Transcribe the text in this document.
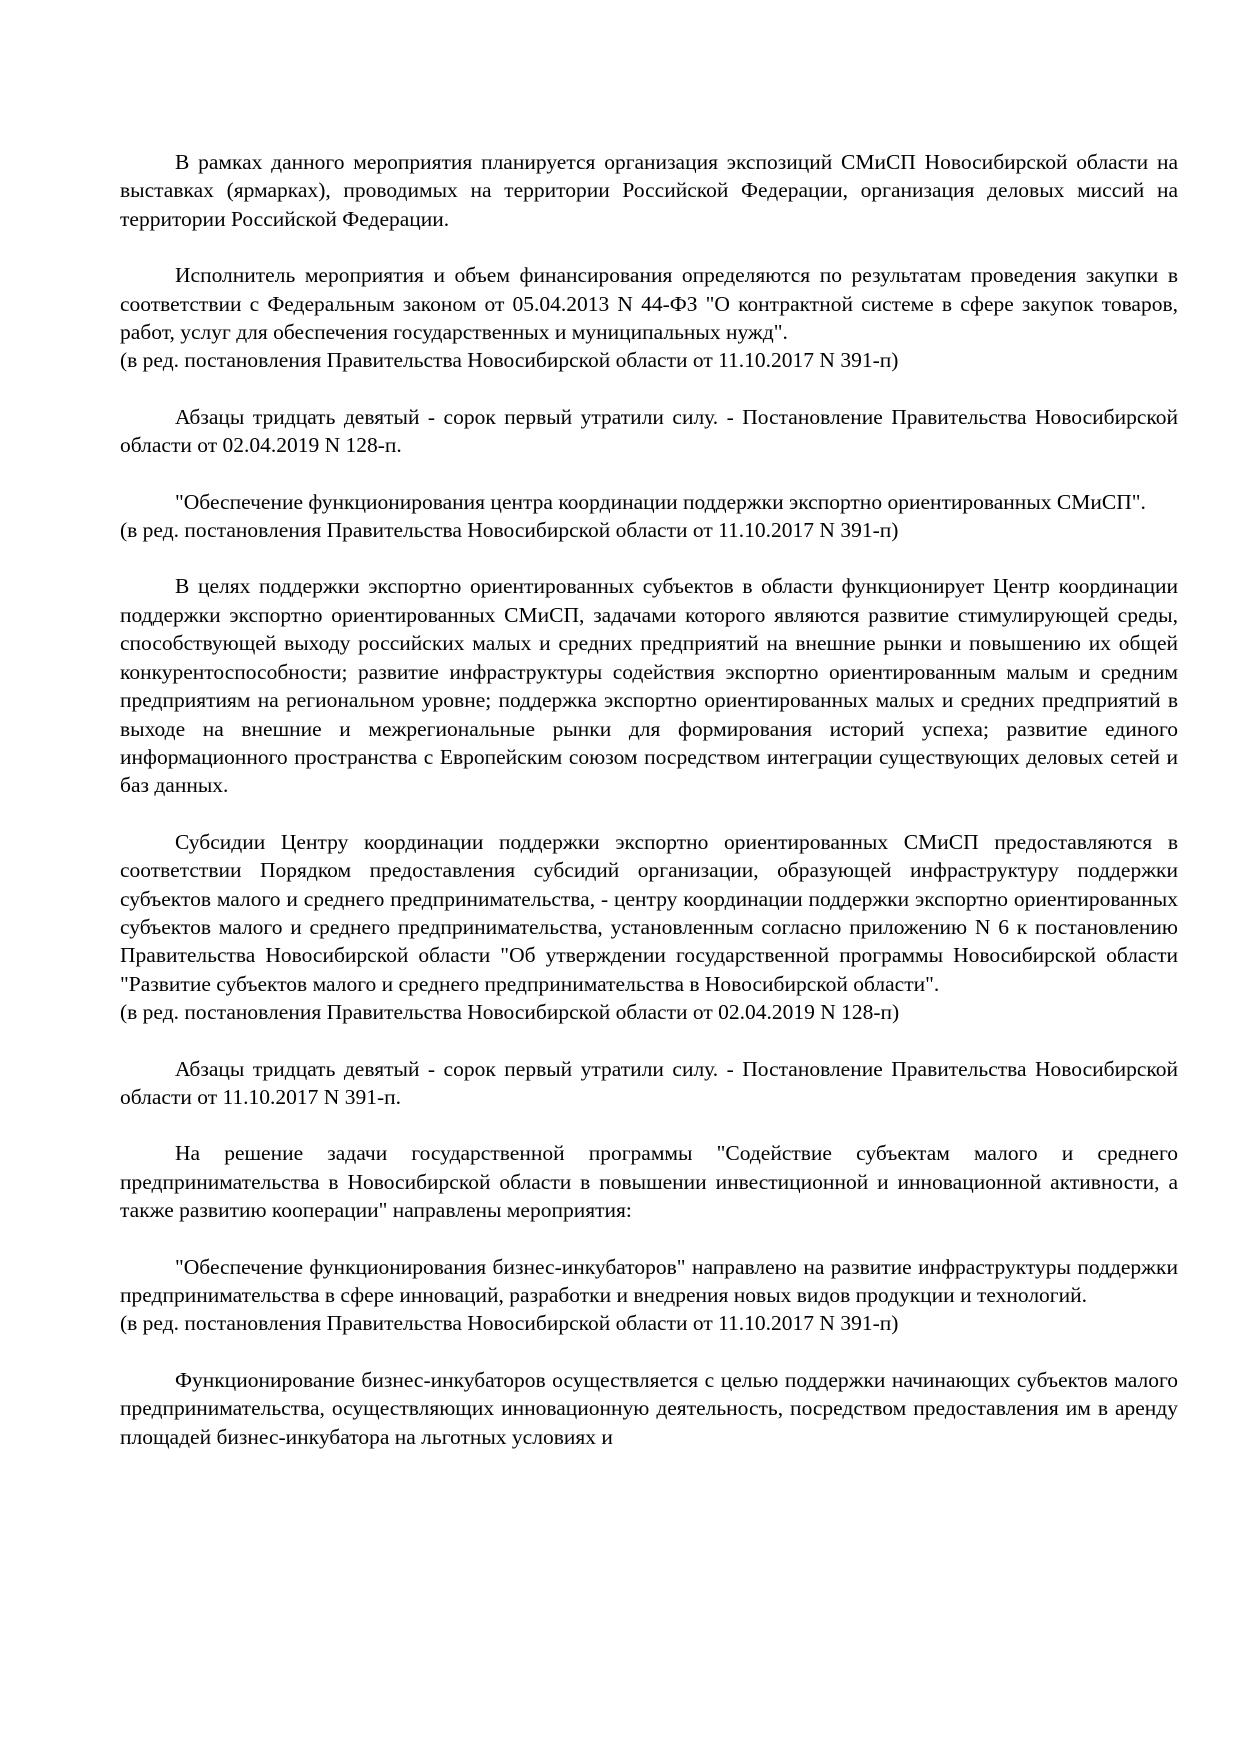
В рамках данного мероприятия планируется организация экспозиций СМиСП Новосибирской области на выставках (ярмарках), проводимых на территории Российской Федерации, организация деловых миссий на территории Российской Федерации.

Исполнитель мероприятия и объем финансирования определяются по результатам проведения закупки в соответствии с Федеральным законом от 05.04.2013 N 44-ФЗ "О контрактной системе в сфере закупок товаров, работ, услуг для обеспечения государственных и муниципальных нужд".

(в ред. постановления Правительства Новосибирской области от 11.10.2017 N 391-п)

Абзацы тридцать девятый - сорок первый утратили силу. - Постановление Правительства Новосибирской области от 02.04.2019 N 128-п.

"Обеспечение функционирования центра координации поддержки экспортно ориентированных СМиСП".

(в ред. постановления Правительства Новосибирской области от 11.10.2017 N 391-п)

В целях поддержки экспортно ориентированных субъектов в области функционирует Центр координации поддержки экспортно ориентированных СМиСП, задачами которого являются развитие стимулирующей среды, способствующей выходу российских малых и средних предприятий на внешние рынки и повышению их общей конкурентоспособности; развитие инфраструктуры содействия экспортно ориентированным малым и средним предприятиям на региональном уровне; поддержка экспортно ориентированных малых и средних предприятий в выходе на внешние и межрегиональные рынки для формирования историй успеха; развитие единого информационного пространства с Европейским союзом посредством интеграции существующих деловых сетей и баз данных.

Субсидии Центру координации поддержки экспортно ориентированных СМиСП предоставляются в соответствии Порядком предоставления субсидий организации, образующей инфраструктуру поддержки субъектов малого и среднего предпринимательства, - центру координации поддержки экспортно ориентированных субъектов малого и среднего предпринимательства, установленным согласно приложению N 6 к постановлению Правительства Новосибирской области "Об утверждении государственной программы Новосибирской области "Развитие субъектов малого и среднего предпринимательства в Новосибирской области".

(в ред. постановления Правительства Новосибирской области от 02.04.2019 N 128-п)

Абзацы тридцать девятый - сорок первый утратили силу. - Постановление Правительства Новосибирской области от 11.10.2017 N 391-п.

На решение задачи государственной программы "Содействие субъектам малого и среднего предпринимательства в Новосибирской области в повышении инвестиционной и инновационной активности, а также развитию кооперации" направлены мероприятия:

"Обеспечение функционирования бизнес-инкубаторов" направлено на развитие инфраструктуры поддержки предпринимательства в сфере инноваций, разработки и внедрения новых видов продукции и технологий.

(в ред. постановления Правительства Новосибирской области от 11.10.2017 N 391-п)

Функционирование бизнес-инкубаторов осуществляется с целью поддержки начинающих субъектов малого предпринимательства, осуществляющих инновационную деятельность, посредством предоставления им в аренду площадей бизнес-инкубатора на льготных условиях и
